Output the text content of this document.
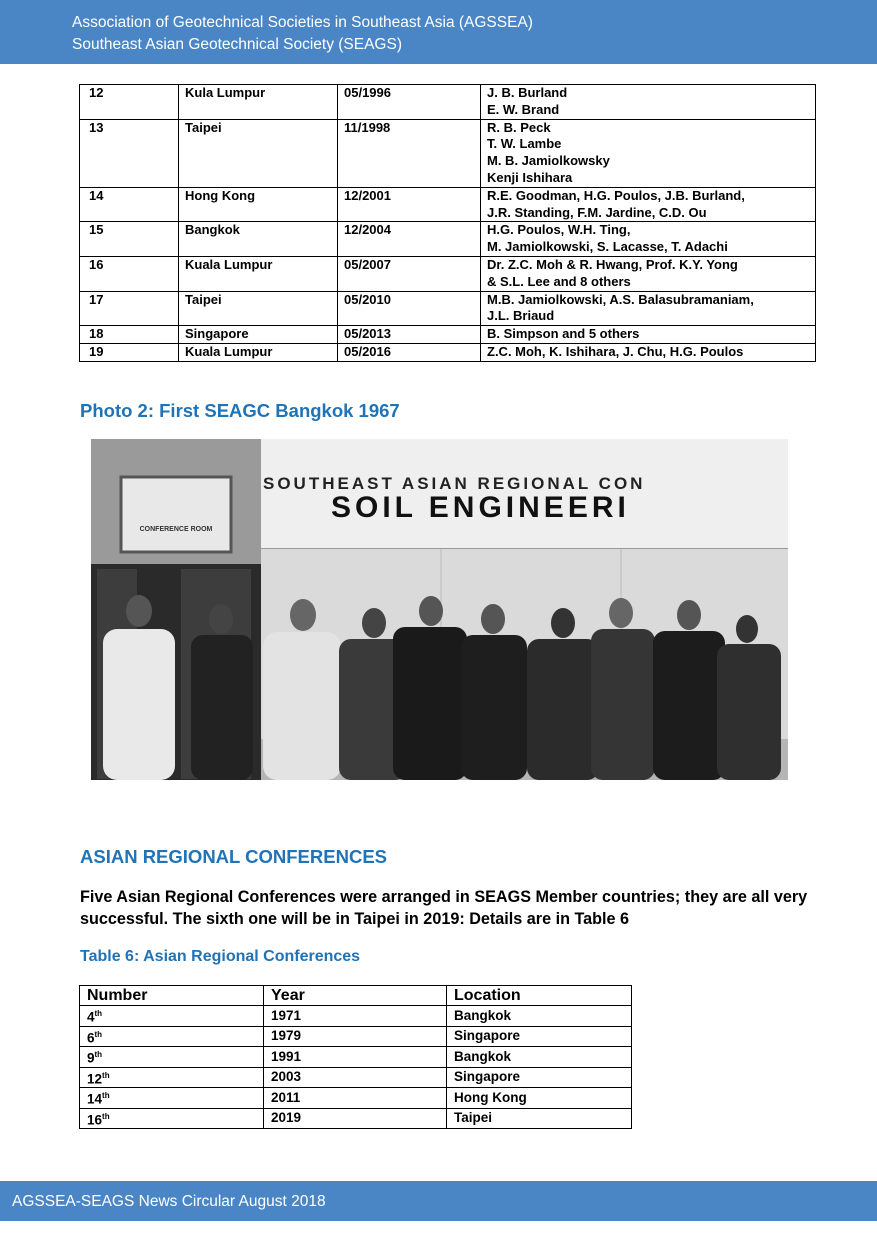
Association of Geotechnical Societies in Southeast Asia (AGSSEA)
Southeast Asian Geotechnical Society (SEAGS)
12	Kula Lumpur	05/1996	J. B. Burland
E. W. Brand

13	Taipei	11/1998	R. B. Peck
T. W. Lambe
M. B. Jamiolkowsky
Kenji Ishihara

14	Hong Kong	12/2001	R.E. Goodman, H.G. Poulos, J.B. Burland,
J.R. Standing, F.M. Jardine, C.D. Ou

15	Bangkok	12/2004	H.G. Poulos, W.H. Ting,
M. Jamiolkowski, S. Lacasse, T. Adachi

16	Kuala Lumpur	05/2007	Dr. Z.C. Moh & R. Hwang, Prof. K.Y. Yong
& S.L. Lee and 8 others

17	Taipei	05/2010	M.B. Jamiolkowski, A.S. Balasubramaniam,
J.L. Briaud

18	Singapore	05/2013	B. Simpson and 5 others

19	Kuala Lumpur	05/2016	Z.C. Moh, K. Ishihara, J. Chu, H.G. Poulos
Photo 2: First SEAGC Bangkok 1967
CONFERENCE ROOM
SOUTHEAST ASIAN REGIONAL CON
SOIL ENGINEERI
ASIAN REGIONAL CONFERENCES
Five Asian Regional Conferences were arranged in SEAGS Member countries; they are all very successful. The sixth one will be in Taipei in 2019: Details are in Table 6
Table 6: Asian Regional Conferences
Number	Year	Location
4th	1971	Bangkok
6th	1979	Singapore
9th	1991	Bangkok
12th	2003	Singapore
14th	2011	Hong Kong
16th	2019	Taipei
AGSSEA-SEAGS News Circular August 2018
